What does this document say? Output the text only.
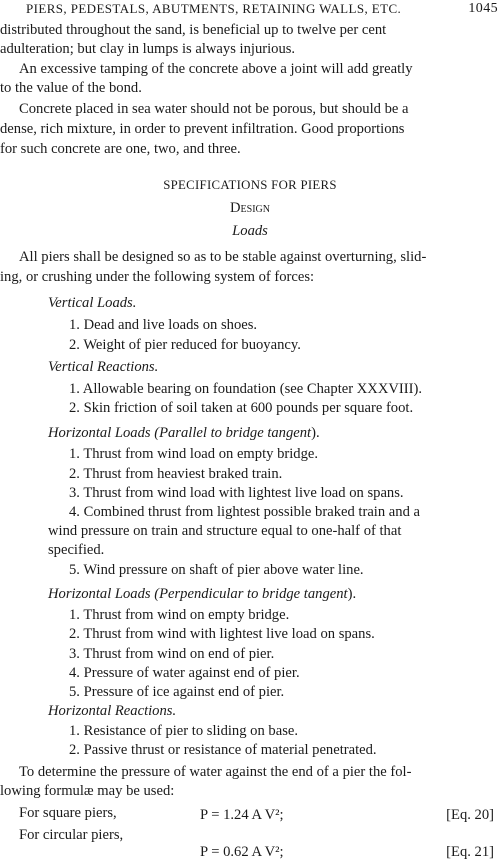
PIERS, PEDESTALS, ABUTMENTS, RETAINING WALLS, ETC.	1045
distributed throughout the sand, is beneficial up to twelve per cent
adulteration; but clay in lumps is always injurious.
An excessive tamping of the concrete above a joint will add greatly
to the value of the bond.
Concrete placed in sea water should not be porous, but should be a
dense, rich mixture, in order to prevent infiltration. Good proportions
for such concrete are one, two, and three.
SPECIFICATIONS FOR PIERS
Design
Loads
All piers shall be designed so as to be stable against overturning, slid-
ing, or crushing under the following system of forces:
Vertical Loads.
1. Dead and live loads on shoes.
2. Weight of pier reduced for buoyancy.
Vertical Reactions.
1. Allowable bearing on foundation (see Chapter XXXVIII).
2. Skin friction of soil taken at 600 pounds per square foot.
Horizontal Loads (Parallel to bridge tangent).
1. Thrust from wind load on empty bridge.
2. Thrust from heaviest braked train.
3. Thrust from wind load with lightest live load on spans.
4. Combined thrust from lightest possible braked train and a
wind pressure on train and structure equal to one-half of that
specified.
5. Wind pressure on shaft of pier above water line.
Horizontal Loads (Perpendicular to bridge tangent).
1. Thrust from wind on empty bridge.
2. Thrust from wind with lightest live load on spans.
3. Thrust from wind on end of pier.
4. Pressure of water against end of pier.
5. Pressure of ice against end of pier.
Horizontal Reactions.
1. Resistance of pier to sliding on base.
2. Passive thrust or resistance of material penetrated.
To determine the pressure of water against the end of a pier the fol-
lowing formulæ may be used:
For square piers,	P = 1.24 A V²;	[Eq. 20]
For circular piers,
P = 0.62 A V²;	[Eq. 21]
